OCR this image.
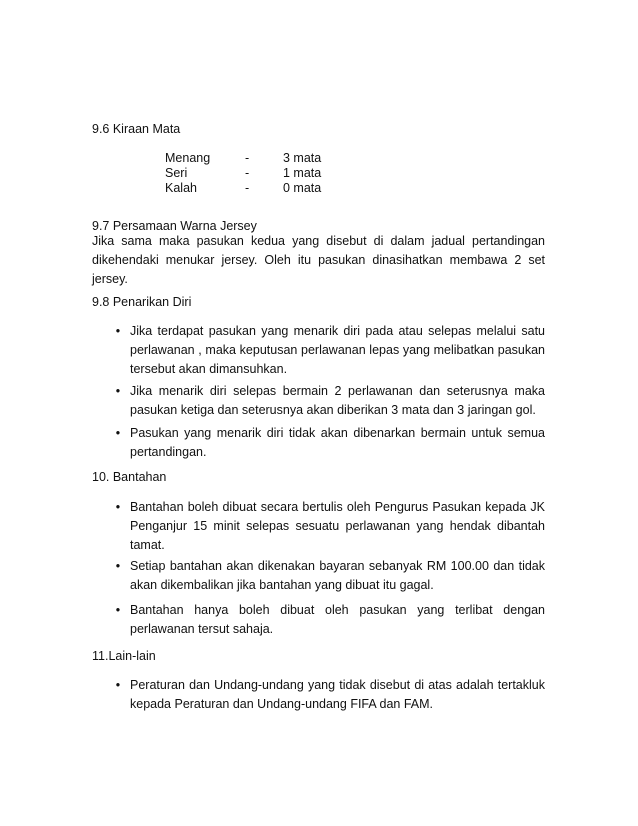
9.6 Kiraan Mata
Menang	-	3 mata
Seri	-	1 mata
Kalah	-	0 mata
9.7 Persamaan Warna Jersey
Jika sama maka pasukan kedua yang disebut di dalam jadual pertandingan dikehendaki menukar jersey. Oleh itu pasukan dinasihatkan membawa 2 set jersey.
9.8 Penarikan Diri
• Jika terdapat pasukan yang menarik diri pada atau selepas melalui satu perlawanan , maka keputusan perlawanan lepas yang melibatkan pasukan tersebut akan dimansuhkan.
• Jika menarik diri selepas bermain 2 perlawanan dan seterusnya maka pasukan ketiga dan seterusnya akan diberikan 3 mata dan 3 jaringan gol.
• Pasukan yang menarik diri tidak akan dibenarkan bermain untuk semua pertandingan.
10. Bantahan
• Bantahan boleh dibuat secara bertulis oleh Pengurus Pasukan kepada JK Penganjur 15 minit selepas sesuatu perlawanan yang hendak dibantah tamat.
• Setiap bantahan akan dikenakan bayaran sebanyak RM 100.00 dan tidak akan dikembalikan jika bantahan yang dibuat itu gagal.
• Bantahan hanya boleh dibuat oleh pasukan yang terlibat dengan perlawanan tersut sahaja.
11.Lain-lain
• Peraturan dan Undang-undang yang tidak disebut di atas adalah tertakluk kepada Peraturan dan Undang-undang FIFA dan FAM.
